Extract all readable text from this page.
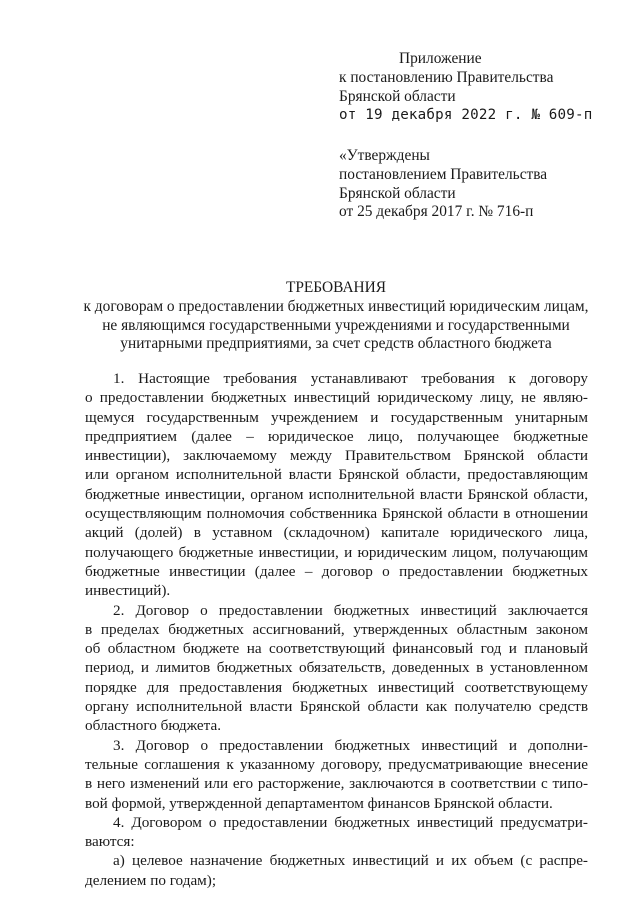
Приложение
к постановлению Правительства
Брянской области
от 19 декабря 2022 г. № 609-п
«Утверждены
постановлением Правительства
Брянской области
от 25 декабря 2017 г. № 716-п
ТРЕБОВАНИЯ
к договорам о предоставлении бюджетных инвестиций юридическим лицам,
не являющимся государственными учреждениями и государственными
унитарными предприятиями, за счет средств областного бюджета
1. Настоящие требования устанавливают требования к договору
о предоставлении бюджетных инвестиций юридическому лицу, не являю-
щемуся государственным учреждением и государственным унитарным
предприятием (далее – юридическое лицо, получающее бюджетные
инвестиции), заключаемому между Правительством Брянской области
или органом исполнительной власти Брянской области, предоставляющим
бюджетные инвестиции, органом исполнительной власти Брянской области,
осуществляющим полномочия собственника Брянской области в отношении
акций (долей) в уставном (складочном) капитале юридического лица,
получающего бюджетные инвестиции, и юридическим лицом, получающим
бюджетные инвестиции (далее – договор о предоставлении бюджетных
инвестиций).
2. Договор о предоставлении бюджетных инвестиций заключается
в пределах бюджетных ассигнований, утвержденных областным законом
об областном бюджете на соответствующий финансовый год и плановый
период, и лимитов бюджетных обязательств, доведенных в установленном
порядке для предоставления бюджетных инвестиций соответствующему
органу исполнительной власти Брянской области как получателю средств
областного бюджета.
3. Договор о предоставлении бюджетных инвестиций и дополни-
тельные соглашения к указанному договору, предусматривающие внесение
в него изменений или его расторжение, заключаются в соответствии с типо-
вой формой, утвержденной департаментом финансов Брянской области.
4. Договором о предоставлении бюджетных инвестиций предусматри-
ваются:
а) целевое назначение бюджетных инвестиций и их объем (с распре-
делением по годам);
